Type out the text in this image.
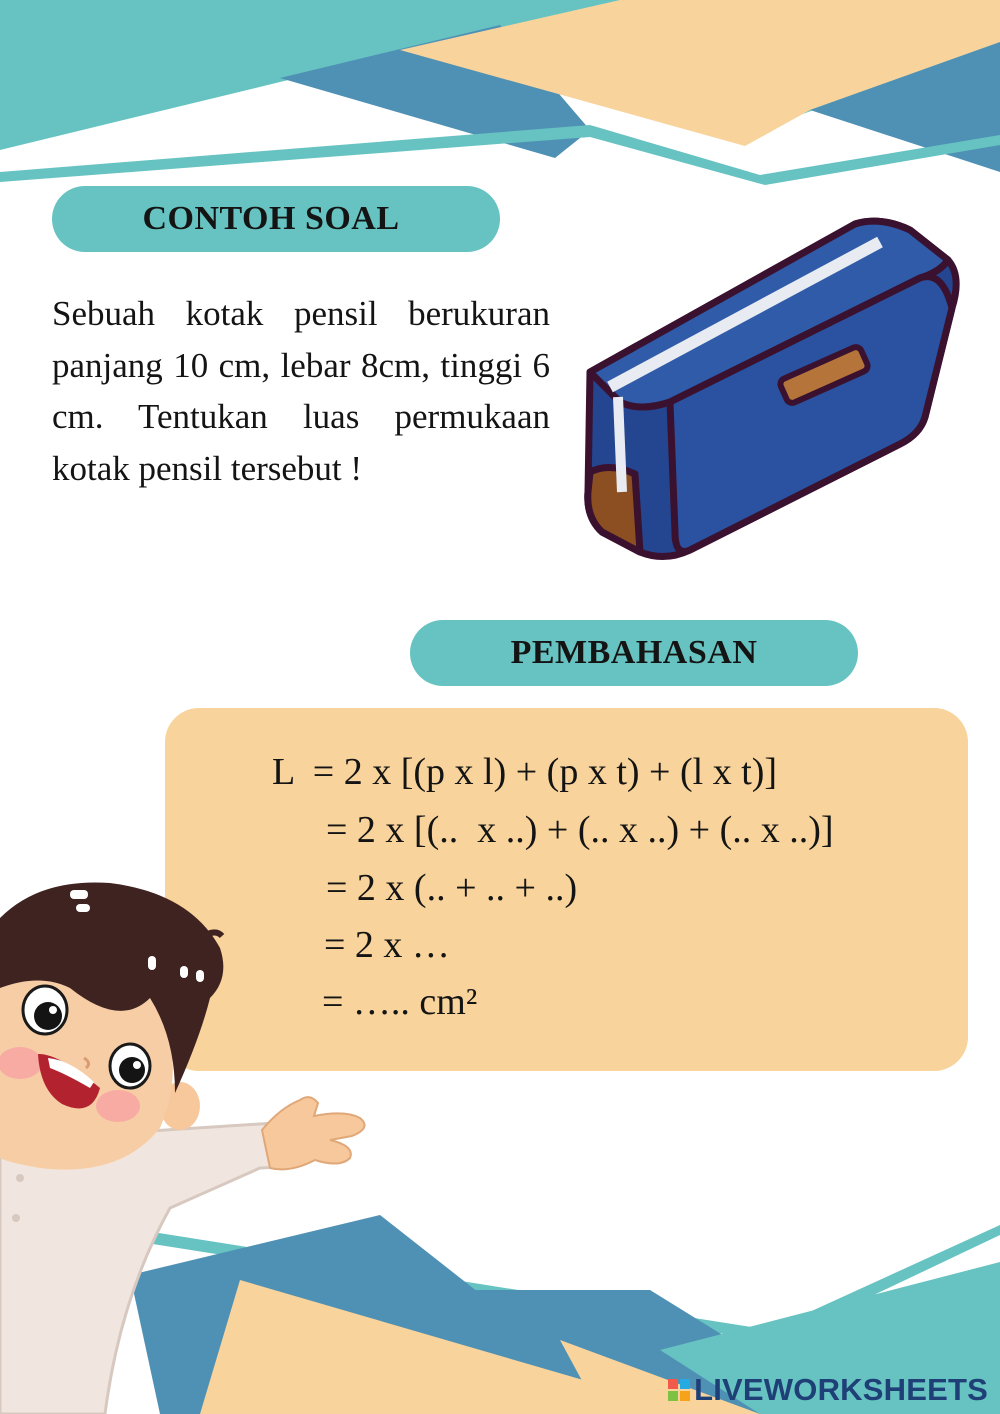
CONTOH SOAL
Sebuah kotak pensil berukuran panjang 10 cm, lebar 8cm, tinggi 6 cm. Tentukan luas permukaan kotak pensil tersebut !
PEMBAHASAN
L  = 2 x [(p x l) + (p x t) + (l x t)]
= 2 x [(..  x ..) + (.. x ..) + (.. x ..)]
= 2 x (.. + .. + ..)
= 2 x …
= ….. cm²
LIVEWORKSHEETS
